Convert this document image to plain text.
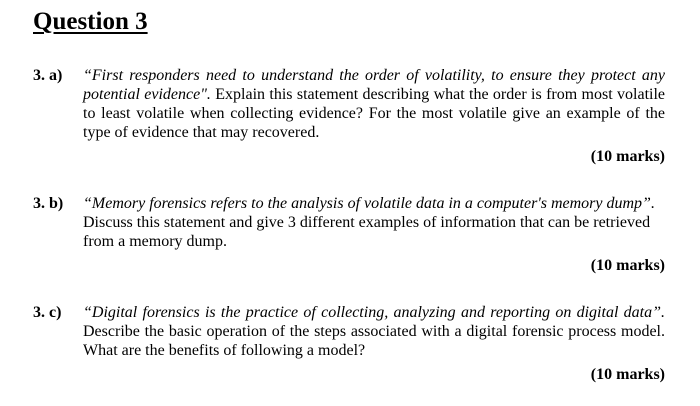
Question 3
3. a)	“First responders need to understand the order of volatility, to ensure they protect any potential evidence". Explain this statement describing what the order is from most volatile to least volatile when collecting evidence? For the most volatile give an example of the type of evidence that may recovered.
(10 marks)
3. b)	“Memory forensics refers to the analysis of volatile data in a computer's memory dump”. Discuss this statement and give 3 different examples of information that can be retrieved from a memory dump.
(10 marks)
3. c)	“Digital forensics is the practice of collecting, analyzing and reporting on digital data”. Describe the basic operation of the steps associated with a digital forensic process model. What are the benefits of following a model?
(10 marks)
